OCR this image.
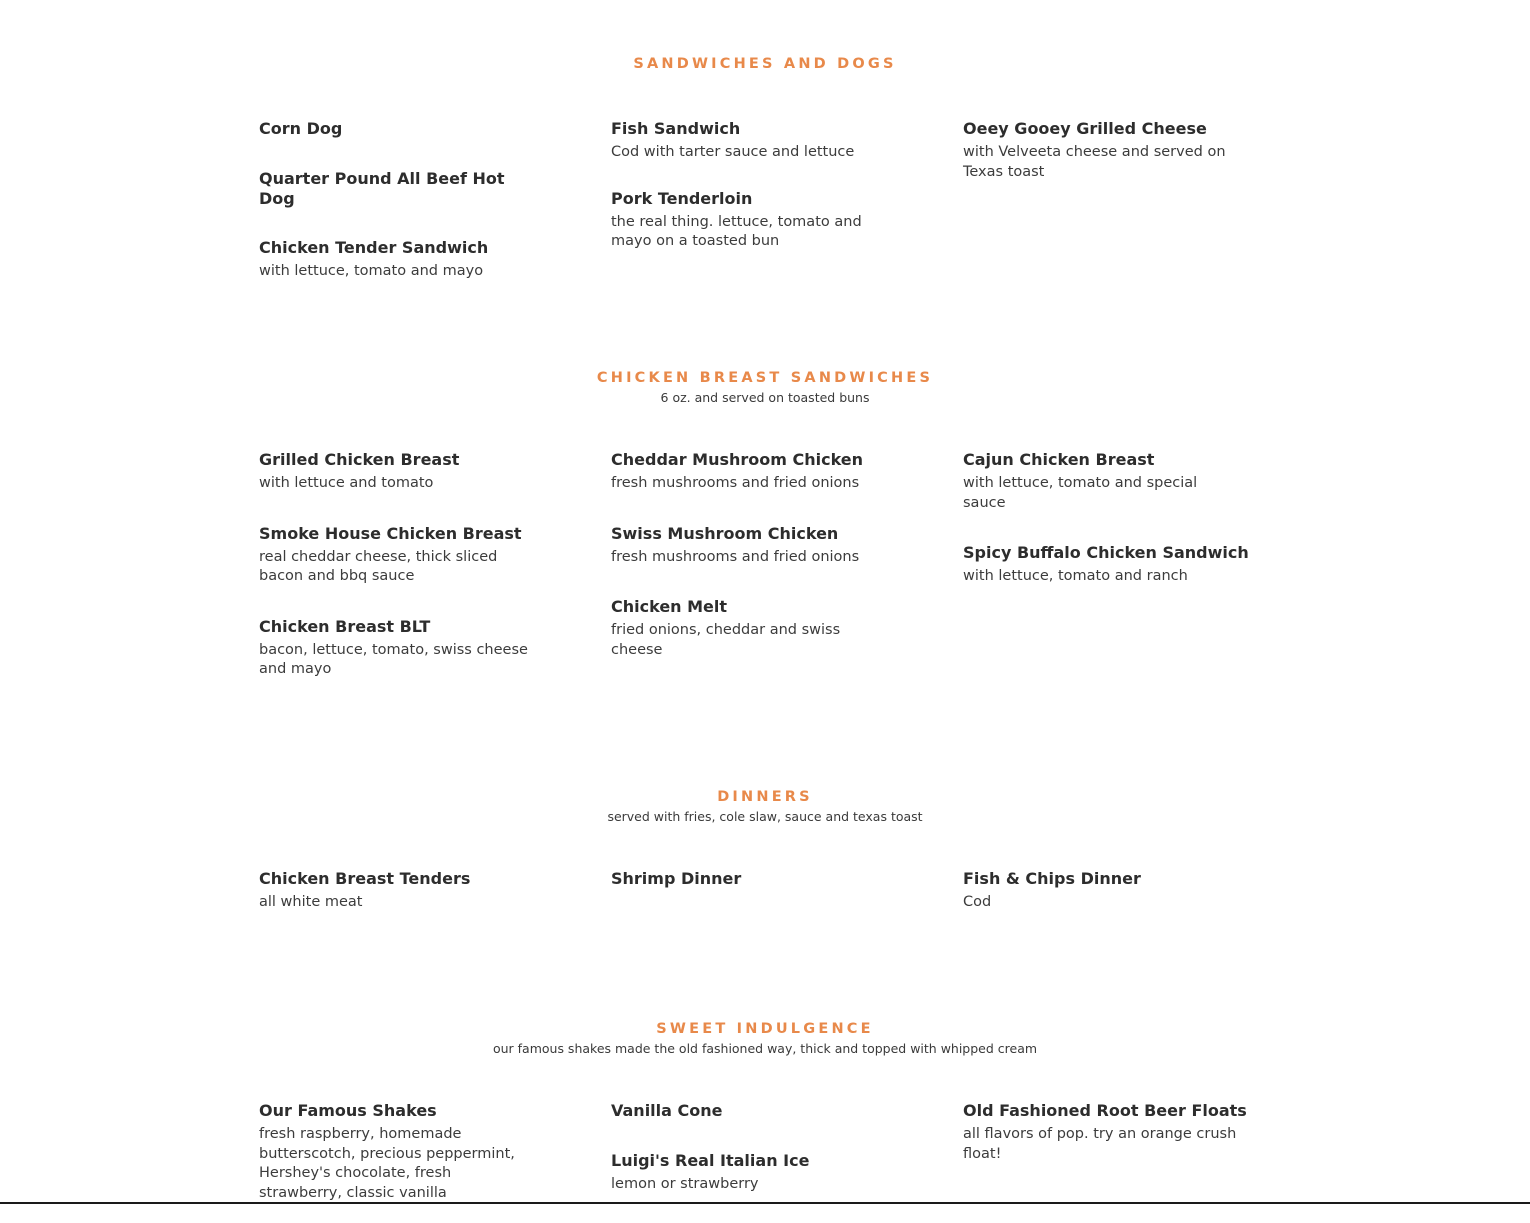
SANDWICHES AND DOGS
Corn Dog
Quarter Pound All Beef Hot Dog
Chicken Tender Sandwich
with lettuce, tomato and mayo
Fish Sandwich
Cod with tarter sauce and lettuce
Pork Tenderloin
the real thing. lettuce, tomato and mayo on a toasted bun
Oeey Gooey Grilled Cheese
with Velveeta cheese and served on Texas toast
CHICKEN BREAST SANDWICHES
6 oz. and served on toasted buns
Grilled Chicken Breast
with lettuce and tomato
Smoke House Chicken Breast
real cheddar cheese, thick sliced bacon and bbq sauce
Chicken Breast BLT
bacon, lettuce, tomato, swiss cheese and mayo
Cheddar Mushroom Chicken
fresh mushrooms and fried onions
Swiss Mushroom Chicken
fresh mushrooms and fried onions
Chicken Melt
fried onions, cheddar and swiss cheese
Cajun Chicken Breast
with lettuce, tomato and special sauce
Spicy Buffalo Chicken Sandwich
with lettuce, tomato and ranch
DINNERS
served with fries, cole slaw, sauce and texas toast
Chicken Breast Tenders
all white meat
Shrimp Dinner	Fish & Chips Dinner
Cod
SWEET INDULGENCE
our famous shakes made the old fashioned way, thick and topped with whipped cream
Our Famous Shakes
fresh raspberry, homemade butterscotch, precious peppermint, Hershey's chocolate, fresh strawberry, classic vanilla
Vanilla Cone
Luigi's Real Italian Ice
lemon or strawberry
Old Fashioned Root Beer Floats
all flavors of pop. try an orange crush float!
